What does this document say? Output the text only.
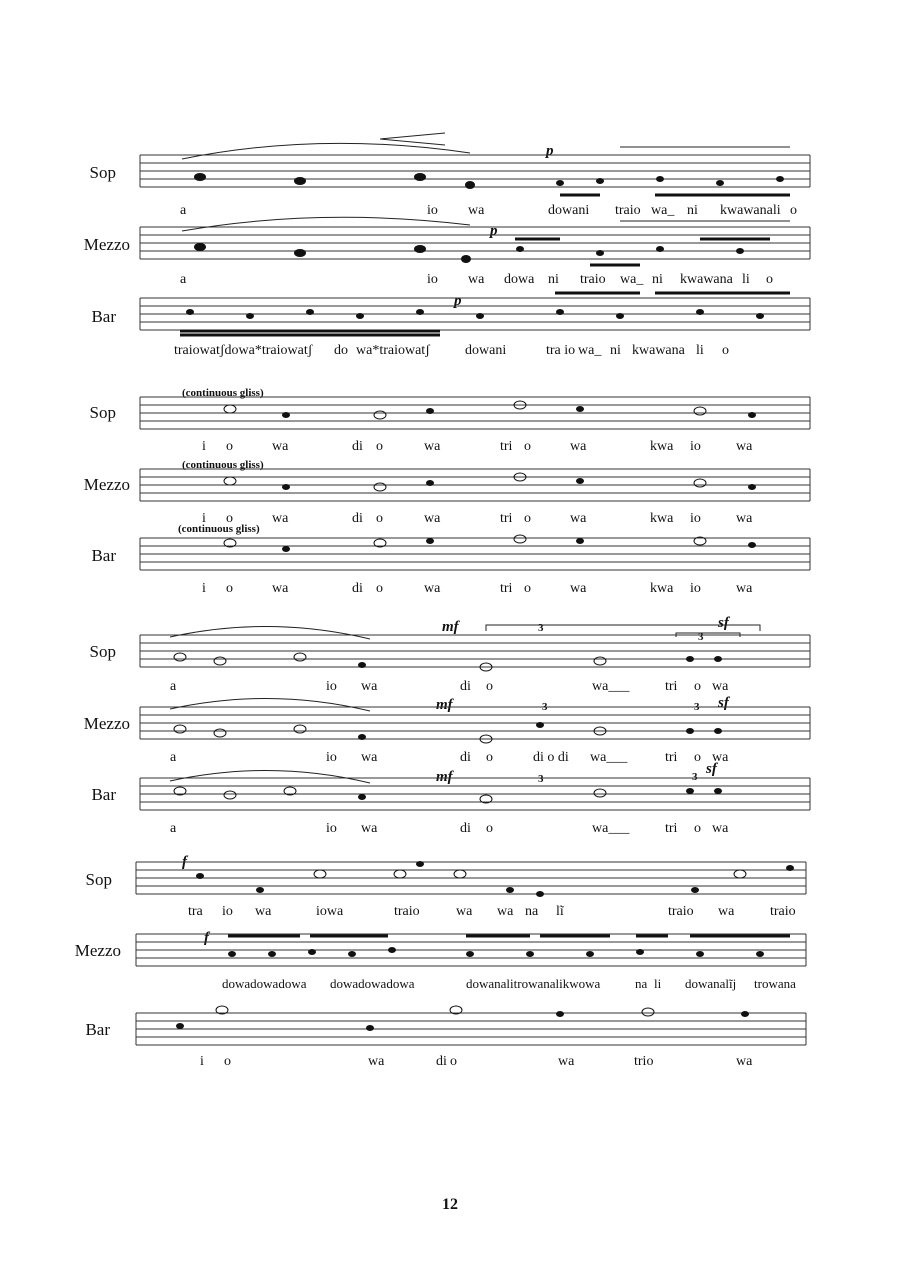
Sop
Mezzo
Bar
p
p
p
a	io wa	dowani traio wa_ ni kwawanali o
a	io wa dowa ni traio wa_ ni kwawana li o
traiowatʃdowa*traiowatʃ do wa*traiowatʃ	dowani	tra io wa_ ni kwawana li o
Sop
Mezzo
Bar
(continuous gliss)
(continuous gliss)
(continuous gliss)
i o	wa	di o	wa	tri o	wa	kwa io	wa
i o	wa	di o	wa	tri o	wa	kwa io	wa
i o	wa	di o	wa	tri o	wa	kwa io	wa
Sop
Mezzo
Bar
mf
mf
mf
sf
sf
sf
3
3
3	3
3	3
a	io wa	di o	wa___	tri o wa
a	io wa	di o	di o di wa___	tri o wa
a	io wa	di o	wa___	tri o wa
Sop
Mezzo
Bar
f
f
tra io wa	iowa	traio	wa wa na lĩ	traio wa	traio
dowadowadowa dowadowadowa	dowanalitrowanalikwowa	na li dowanalĩj trowana
i o	wa	di o	wa	trio	wa
12
